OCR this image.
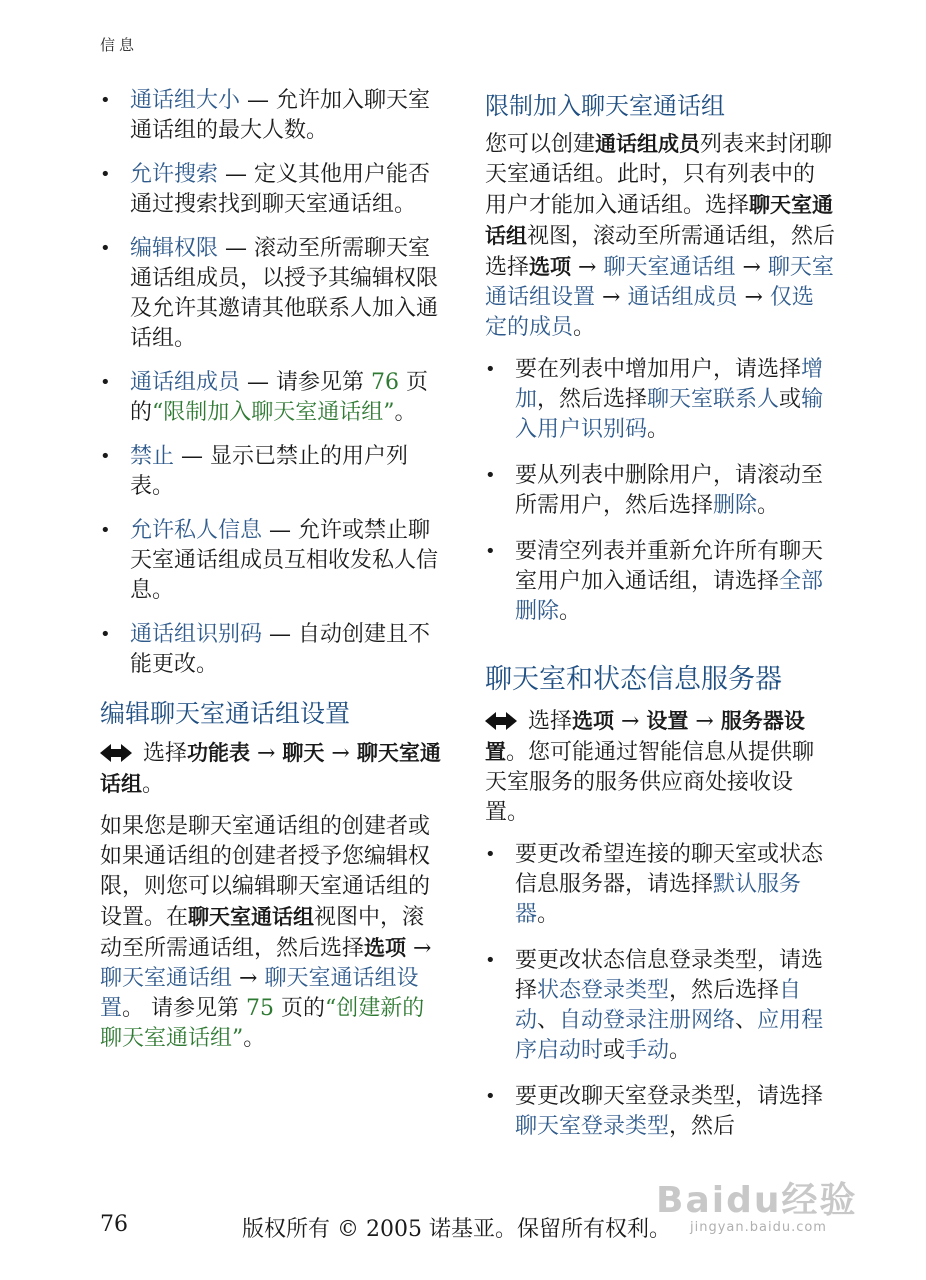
信息
• 通话组大小 — 允许加入聊天室通话组的最大人数。
• 允许搜索 — 定义其他用户能否通过搜索找到聊天室通话组。
• 编辑权限 — 滚动至所需聊天室通话组成员，以授予其编辑权限及允许其邀请其他联系人加入通话组。
• 通话组成员 — 请参见第 76 页的“限制加入聊天室通话组”。
• 禁止 — 显示已禁止的用户列表。
• 允许私人信息 — 允许或禁止聊天室通话组成员互相收发私人信息。
• 通话组识别码 — 自动创建且不能更改。
编辑聊天室通话组设置

选择功能表 → 聊天 → 聊天室通话组。

如果您是聊天室通话组的创建者或如果通话组的创建者授予您编辑权限，则您可以编辑聊天室通话组的设置。在聊天室通话组视图中，滚动至所需通话组，然后选择选项 → 聊天室通话组 → 聊天室通话组设置。 请参见第 75 页的“创建新的聊天室通话组”。

限制加入聊天室通话组

您可以创建通话组成员列表来封闭聊天室通话组。此时，只有列表中的用户才能加入通话组。选择聊天室通话组视图，滚动至所需通话组，然后选择选项 → 聊天室通话组 → 聊天室通话组设置 → 通话组成员 → 仅选定的成员。

• 要在列表中增加用户，请选择增加，然后选择聊天室联系人或输入用户识别码。
• 要从列表中删除用户，请滚动至所需用户，然后选择删除。
• 要清空列表并重新允许所有聊天室用户加入通话组，请选择全部删除。
聊天室和状态信息服务器

选择选项 → 设置 → 服务器设置。您可能通过智能信息从提供聊天室服务的服务供应商处接收设置。

• 要更改希望连接的聊天室或状态信息服务器，请选择默认服务器。
• 要更改状态信息登录类型，请选择状态登录类型，然后选择自动、自动登录注册网络、应用程序启动时或手动。
• 要更改聊天室登录类型，请选择聊天室登录类型，然后
Baidu经验
jingyan.baidu.com
76	版权所有 © 2005 诺基亚。保留所有权利。
